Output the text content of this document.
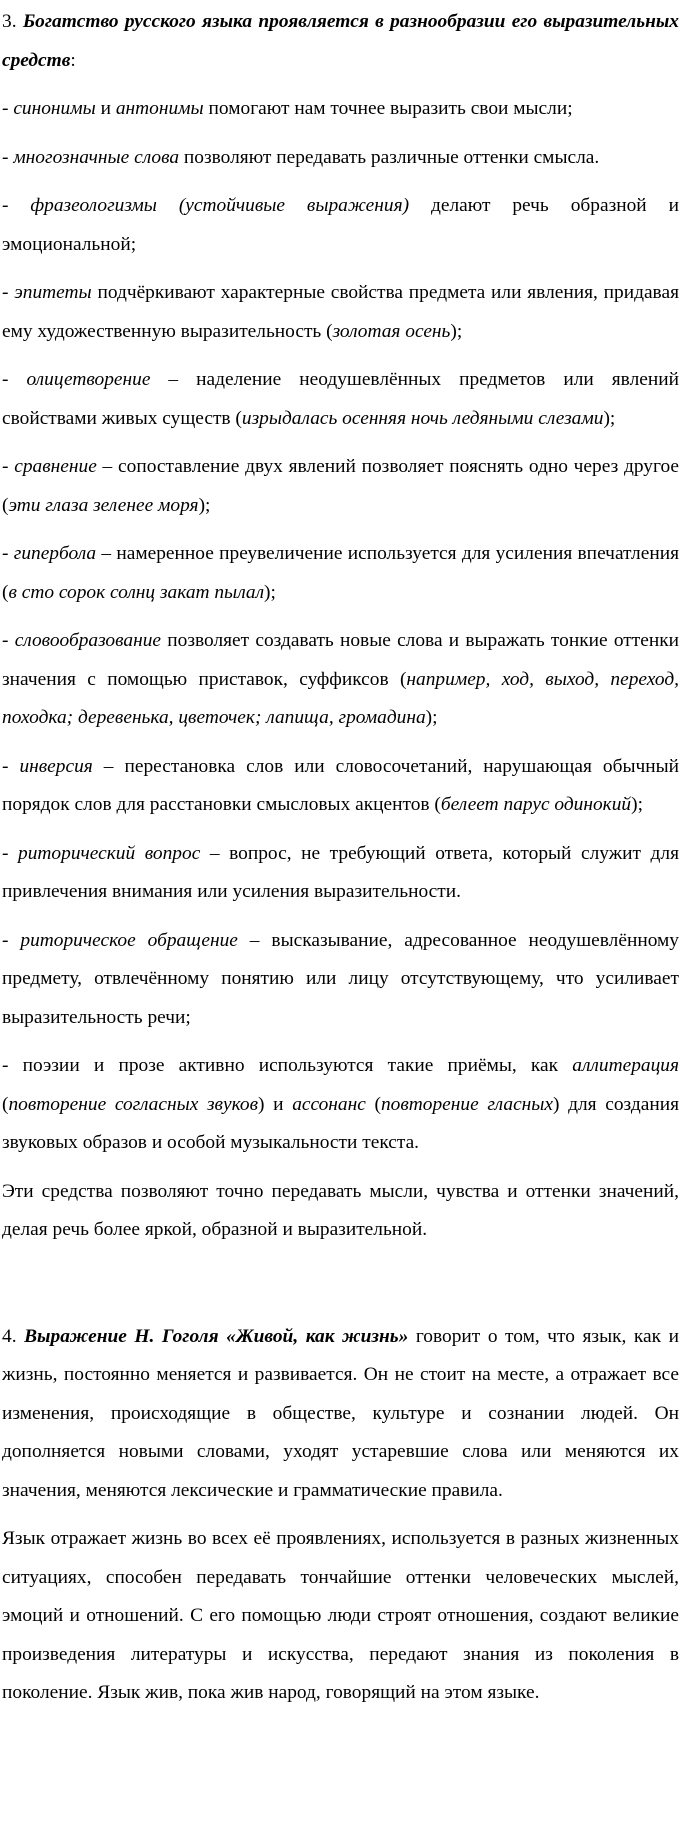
3. Богатство русского языка проявляется в разнообразии его выразительных средств:

- синонимы и антонимы помогают нам точнее выразить свои мысли;

- многозначные слова позволяют передавать различные оттенки смысла.

- фразеологизмы (устойчивые выражения) делают речь образной и эмоциональной;

- эпитеты подчёркивают характерные свойства предмета или явления, придавая ему художественную выразительность (золотая осень);

- олицетворение – наделение неодушевлённых предметов или явлений свойствами живых существ (изрыдалась осенняя ночь ледяными слезами);

- сравнение – сопоставление двух явлений позволяет пояснять одно через другое (эти глаза зеленее моря);

- гипербола – намеренное преувеличение используется для усиления впечатления (в сто сорок солнц закат пылал);

- словообразование позволяет создавать новые слова и выражать тонкие оттенки значения с помощью приставок, суффиксов (например, ход, выход, переход, походка; деревенька, цветочек; лапища, громадина);

- инверсия – перестановка слов или словосочетаний, нарушающая обычный порядок слов для расстановки смысловых акцентов (белеет парус одинокий);

- риторический вопрос – вопрос, не требующий ответа, который служит для привлечения внимания или усиления выразительности.

- риторическое обращение – высказывание, адресованное неодушевлённому предмету, отвлечённому понятию или лицу отсутствующему, что усиливает выразительность речи;

- поэзии и прозе активно используются такие приёмы, как аллитерация (повторение согласных звуков) и ассонанс (повторение гласных) для создания звуковых образов и особой музыкальности текста.

Эти средства позволяют точно передавать мысли, чувства и оттенки значений, делая речь более яркой, образной и выразительной.

4. Выражение Н. Гоголя «Живой, как жизнь» говорит о том, что язык, как и жизнь, постоянно меняется и развивается. Он не стоит на месте, а отражает все изменения, происходящие в обществе, культуре и сознании людей. Он дополняется новыми словами, уходят устаревшие слова или меняются их значения, меняются лексические и грамматические правила.

Язык отражает жизнь во всех её проявлениях, используется в разных жизненных ситуациях, способен передавать тончайшие оттенки человеческих мыслей, эмоций и отношений. С его помощью люди строят отношения, создают великие произведения литературы и искусства, передают знания из поколения в поколение. Язык жив, пока жив народ, говорящий на этом языке.
